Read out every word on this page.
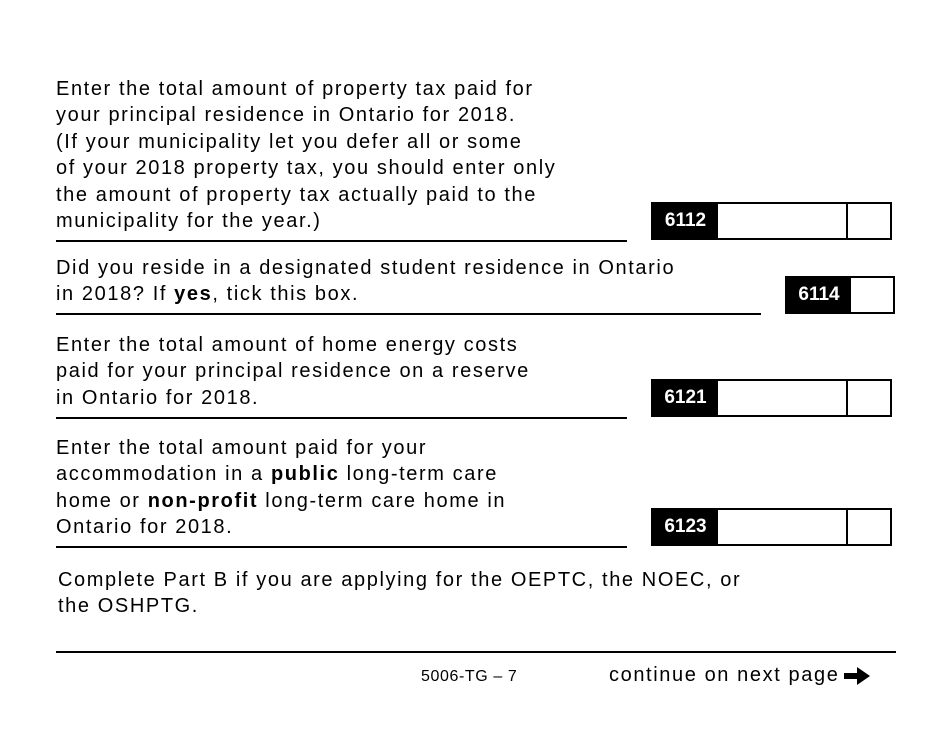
Enter the total amount of property tax paid for
your principal residence in Ontario for 2018.
(If your municipality let you defer all or some
of your 2018 property tax, you should enter only
the amount of property tax actually paid to the
municipality for the year.)	6112
Did you reside in a designated student residence in Ontario
in 2018? If yes, tick this box.	6114
Enter the total amount of home energy costs
paid for your principal residence on a reserve
in Ontario for 2018.	6121
Enter the total amount paid for your
accommodation in a public long-term care
home or non-profit long-term care home in
Ontario for 2018.	6123
Complete Part B if you are applying for the OEPTC, the NOEC, or
the OSHPTG.
5006-TG – 7	continue on next page
